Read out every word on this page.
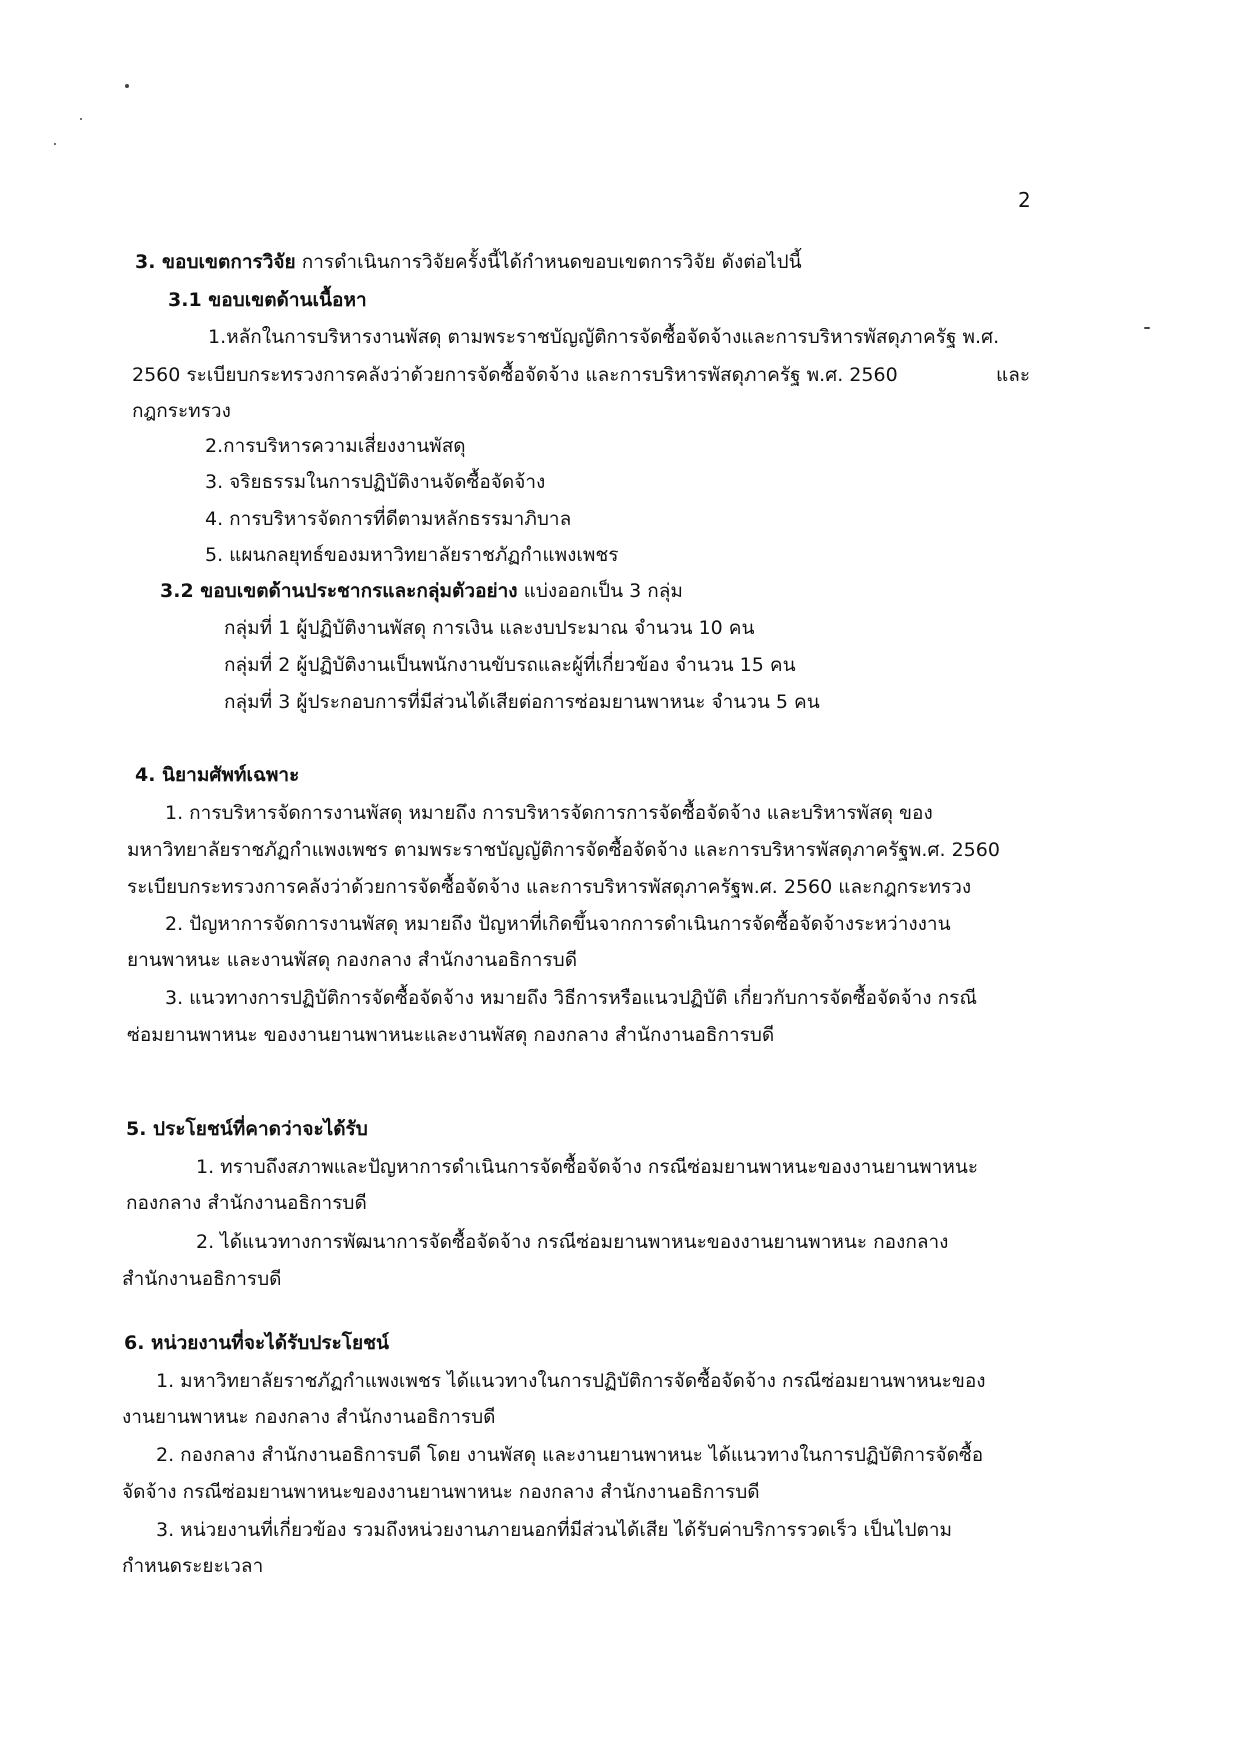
2
3. ขอบเขตการวิจัย การดำเนินการวิจัยครั้งนี้ได้กำหนดขอบเขตการวิจัย ดังต่อไปนี้
3.1 ขอบเขตด้านเนื้อหา
1.หลักในการบริหารงานพัสดุ ตามพระราชบัญญัติการจัดซื้อจัดจ้างและการบริหารพัสดุภาครัฐ พ.ศ.
2560 ระเบียบกระทรวงการคลังว่าด้วยการจัดซื้อจัดจ้าง และการบริหารพัสดุภาครัฐ พ.ศ. 2560	และ
กฎกระทรวง
2.การบริหารความเสี่ยงงานพัสดุ
3. จริยธรรมในการปฏิบัติงานจัดซื้อจัดจ้าง
4. การบริหารจัดการที่ดีตามหลักธรรมาภิบาล
5. แผนกลยุทธ์ของมหาวิทยาลัยราชภัฏกำแพงเพชร
3.2 ขอบเขตด้านประชากรและกลุ่มตัวอย่าง แบ่งออกเป็น 3 กลุ่ม
กลุ่มที่ 1 ผู้ปฏิบัติงานพัสดุ การเงิน และงบประมาณ จำนวน 10 คน
กลุ่มที่ 2 ผู้ปฏิบัติงานเป็นพนักงานขับรถและผู้ที่เกี่ยวข้อง จำนวน 15 คน
กลุ่มที่ 3 ผู้ประกอบการที่มีส่วนได้เสียต่อการซ่อมยานพาหนะ จำนวน 5 คน
4. นิยามศัพท์เฉพาะ
1. การบริหารจัดการงานพัสดุ หมายถึง การบริหารจัดการการจัดซื้อจัดจ้าง และบริหารพัสดุ ของ
มหาวิทยาลัยราชภัฏกำแพงเพชร ตามพระราชบัญญัติการจัดซื้อจัดจ้าง และการบริหารพัสดุภาครัฐพ.ศ. 2560
ระเบียบกระทรวงการคลังว่าด้วยการจัดซื้อจัดจ้าง และการบริหารพัสดุภาครัฐพ.ศ. 2560 และกฎกระทรวง
2. ปัญหาการจัดการงานพัสดุ หมายถึง ปัญหาที่เกิดขึ้นจากการดำเนินการจัดซื้อจัดจ้างระหว่างงาน
ยานพาหนะ และงานพัสดุ กองกลาง สำนักงานอธิการบดี
3. แนวทางการปฏิบัติการจัดซื้อจัดจ้าง หมายถึง วิธีการหรือแนวปฏิบัติ เกี่ยวกับการจัดซื้อจัดจ้าง กรณี
ซ่อมยานพาหนะ ของงานยานพาหนะและงานพัสดุ กองกลาง สำนักงานอธิการบดี
5. ประโยชน์ที่คาดว่าจะได้รับ
1. ทราบถึงสภาพและปัญหาการดำเนินการจัดซื้อจัดจ้าง กรณีซ่อมยานพาหนะของงานยานพาหนะ
กองกลาง สำนักงานอธิการบดี
2. ได้แนวทางการพัฒนาการจัดซื้อจัดจ้าง กรณีซ่อมยานพาหนะของงานยานพาหนะ กองกลาง
สำนักงานอธิการบดี
6. หน่วยงานที่จะได้รับประโยชน์
1. มหาวิทยาลัยราชภัฏกำแพงเพชร ได้แนวทางในการปฏิบัติการจัดซื้อจัดจ้าง กรณีซ่อมยานพาหนะของ
งานยานพาหนะ กองกลาง สำนักงานอธิการบดี
2. กองกลาง สำนักงานอธิการบดี โดย งานพัสดุ และงานยานพาหนะ ได้แนวทางในการปฏิบัติการจัดซื้อ
จัดจ้าง กรณีซ่อมยานพาหนะของงานยานพาหนะ กองกลาง สำนักงานอธิการบดี
3. หน่วยงานที่เกี่ยวข้อง รวมถึงหน่วยงานภายนอกที่มีส่วนได้เสีย ได้รับค่าบริการรวดเร็ว เป็นไปตาม
กำหนดระยะเวลา
